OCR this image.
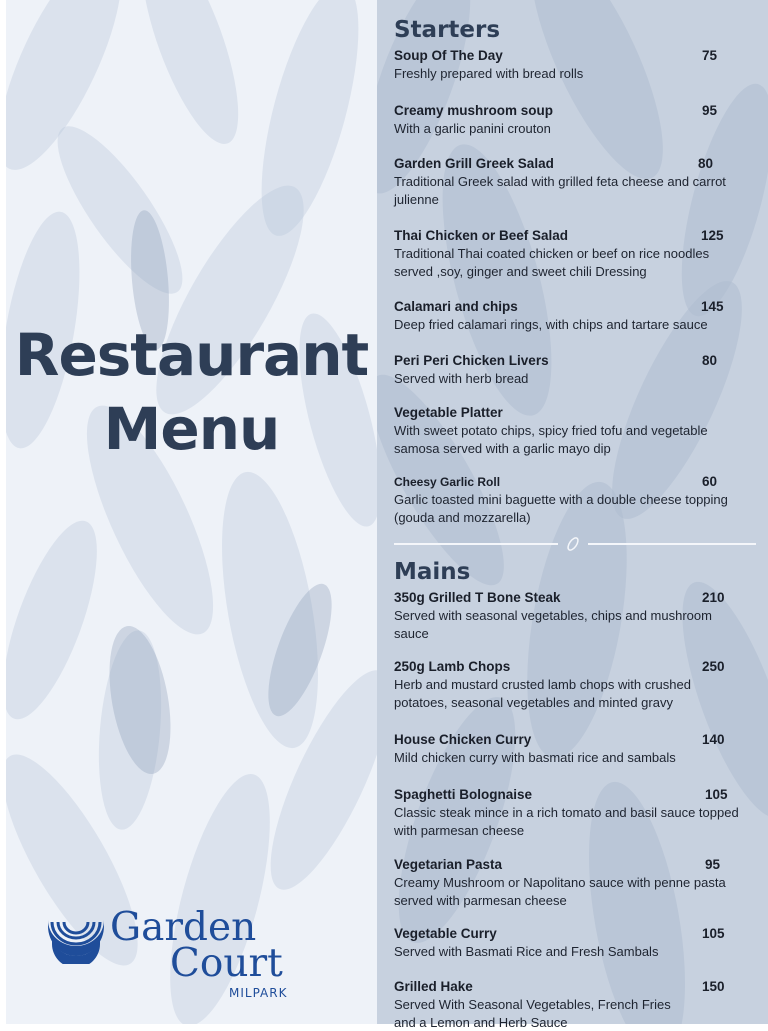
Restaurant
Menu
Garden
Court
MILPARK
Starters
Soup Of The Day	75
Freshly prepared with bread rolls
Creamy mushroom soup	95
With a garlic panini crouton
Garden Grill Greek Salad	80
Traditional Greek salad with grilled feta cheese and carrot julienne
Thai Chicken or Beef Salad	125
Traditional Thai coated chicken or beef on rice noodles served ,soy, ginger and sweet chili Dressing
Calamari and chips	145
Deep fried calamari rings, with chips and tartare sauce
Peri Peri Chicken Livers	80
Served with herb bread
Vegetable Platter
With sweet potato chips, spicy fried tofu and vegetable samosa served with a garlic mayo dip
Cheesy Garlic Roll	60
Garlic toasted mini baguette with a double cheese topping (gouda and mozzarella)
Mains
350g Grilled T Bone Steak	210
Served with seasonal vegetables, chips and mushroom sauce
250g Lamb Chops	250
Herb and mustard crusted lamb chops with crushed potatoes, seasonal vegetables and minted gravy
House Chicken Curry	140
Mild chicken curry with basmati rice and sambals
Spaghetti Bolognaise	105
Classic steak mince in a rich tomato and basil sauce topped with parmesan cheese
Vegetarian Pasta	95
Creamy Mushroom or Napolitano sauce with penne pasta served with parmesan cheese
Vegetable Curry	105
Served with Basmati Rice and Fresh Sambals
Grilled Hake	150
Served With Seasonal Vegetables, French Fries and a Lemon and Herb Sauce
